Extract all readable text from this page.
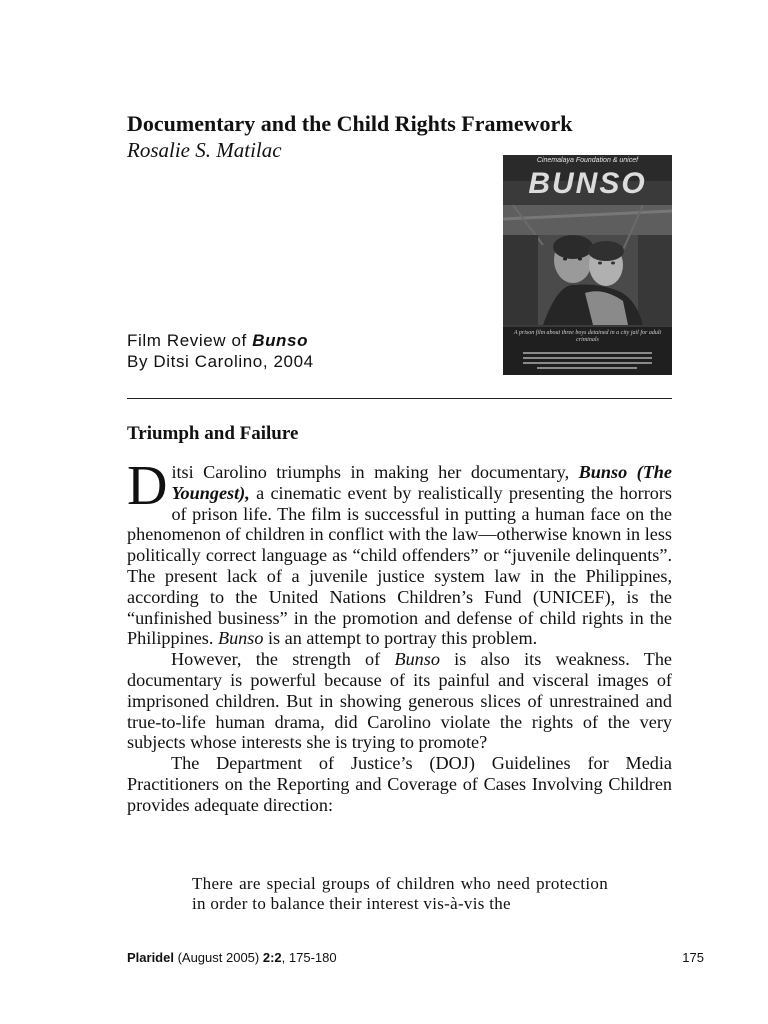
Documentary and the Child Rights Framework
Rosalie S. Matilac	Cinemalaya Foundation & unicef
BUNSO
A prison film about three boys detained in a city jail for adult criminals
Film Review of Bunso
By Ditsi Carolino, 2004
Triumph and Failure

Ditsi Carolino triumphs in making her documentary, Bunso (The Youngest), a cinematic event by realistically presenting the horrors of prison life. The film is successful in putting a human face on the phenomenon of children in conflict with the law—otherwise known in less politically correct language as “child offenders” or “juvenile delinquents”. The present lack of a juvenile justice system law in the Philippines, according to the United Nations Children’s Fund (UNICEF), is the “unfinished business” in the promotion and defense of child rights in the Philippines. Bunso is an attempt to portray this problem.

However, the strength of Bunso is also its weakness. The documentary is powerful because of its painful and visceral images of imprisoned children. But in showing generous slices of unrestrained and true-to-life human drama, did Carolino violate the rights of the very subjects whose interests she is trying to promote?

The Department of Justice’s (DOJ) Guidelines for Media Practitioners on the Reporting and Coverage of Cases Involving Children provides adequate direction:

There are special groups of children who need protection in order to balance their interest vis-à-vis the
Plaridel (August 2005) 2:2, 175-180	175
